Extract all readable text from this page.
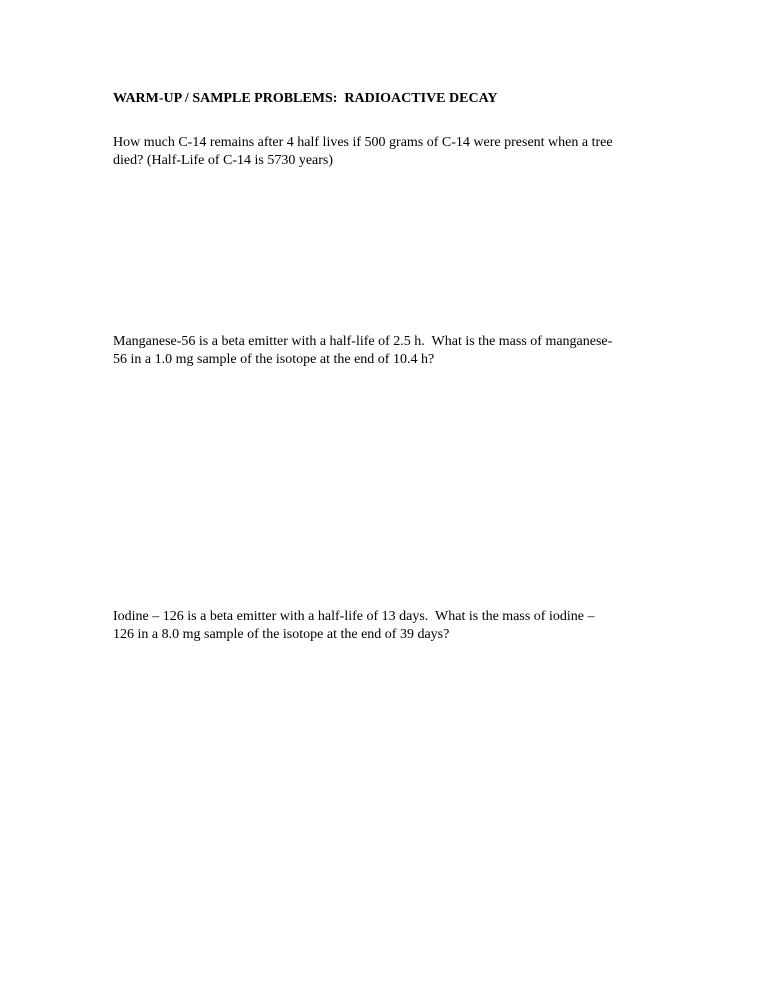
WARM-UP / SAMPLE PROBLEMS:  RADIOACTIVE DECAY
How much C-14 remains after 4 half lives if 500 grams of C-14 were present when a tree
died? (Half-Life of C-14 is 5730 years)
Manganese-56 is a beta emitter with a half-life of 2.5 h.  What is the mass of manganese-
56 in a 1.0 mg sample of the isotope at the end of 10.4 h?
Iodine – 126 is a beta emitter with a half-life of 13 days.  What is the mass of iodine –
126 in a 8.0 mg sample of the isotope at the end of 39 days?
